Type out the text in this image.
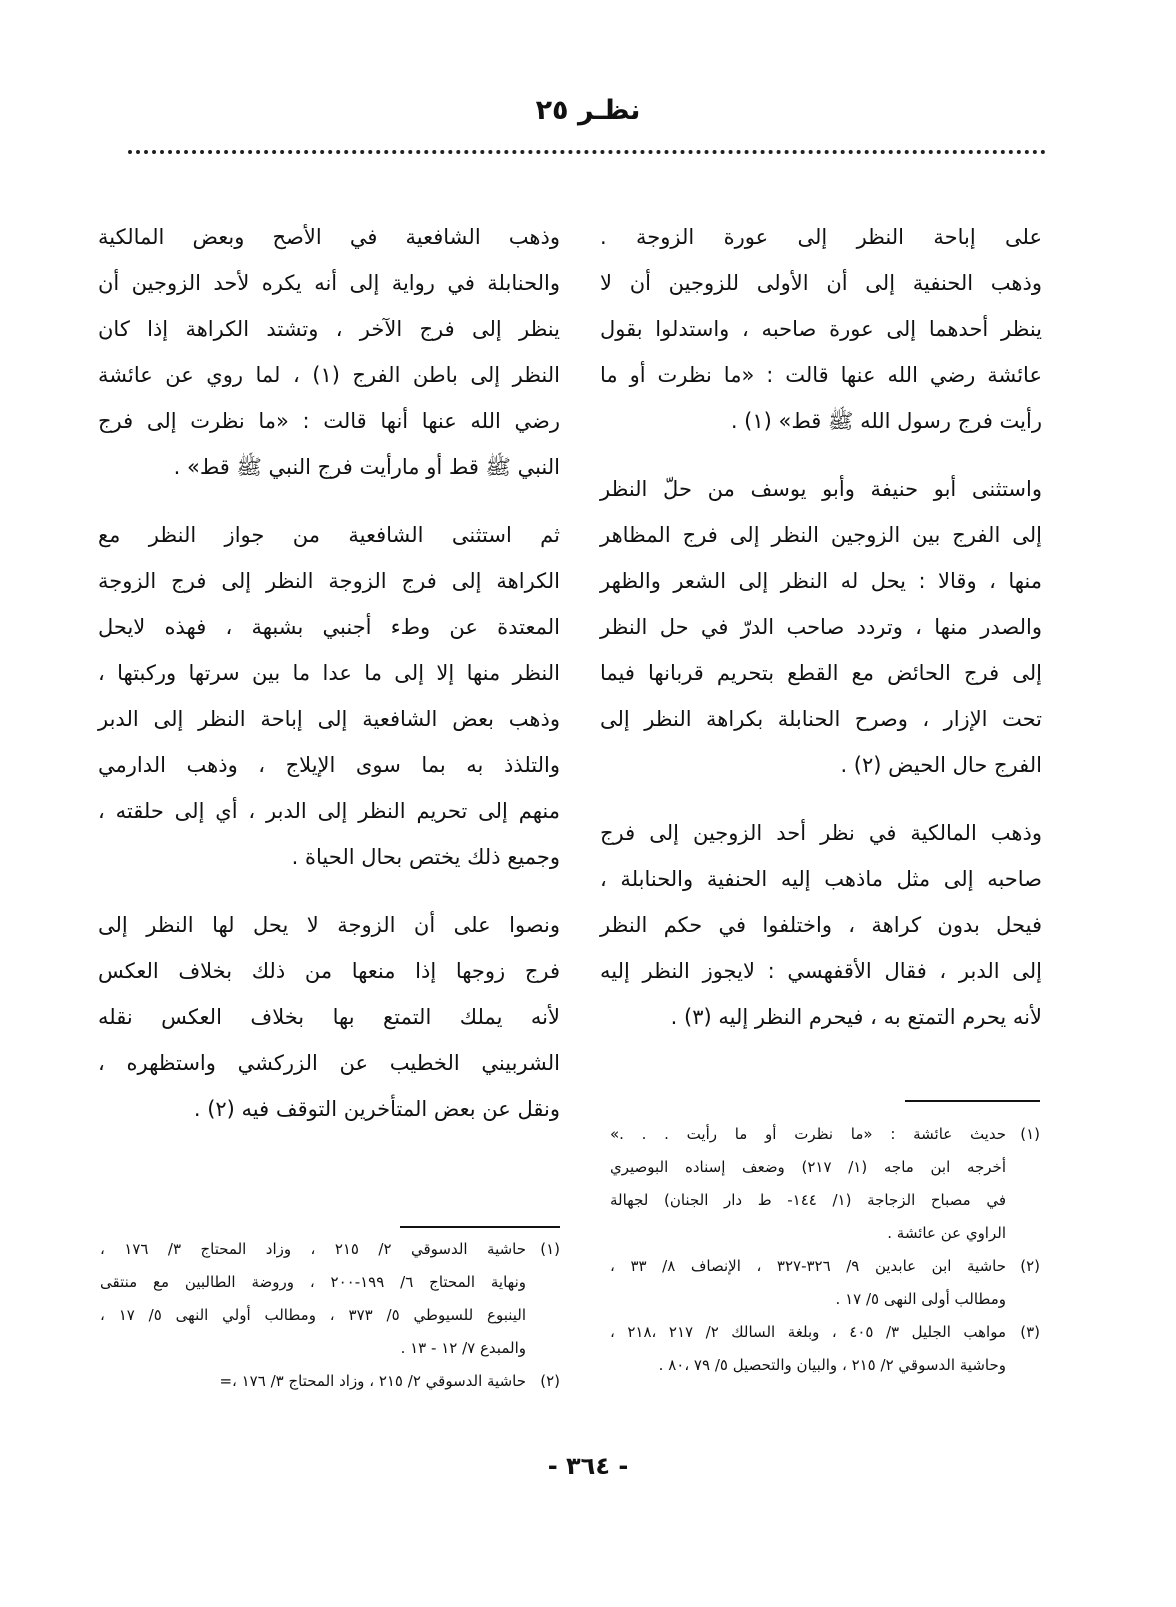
نظـر ٢٥
على إباحة النظر إلى عورة الزوجة .
وذهب الحنفية إلى أن الأولى للزوجين أن لا
ينظر أحدهما إلى عورة صاحبه ، واستدلوا بقول
عائشة رضي الله عنها قالت : «ما نظرت أو ما
رأيت فرج رسول الله ﷺ قط» (١) .
واستثنى أبو حنيفة وأبو يوسف من حلّ النظر
إلى الفرج بين الزوجين النظر إلى فرج المظاهر
منها ، وقالا : يحل له النظر إلى الشعر والظهر
والصدر منها ، وتردد صاحب الدرّ في حل النظر
إلى فرج الحائض مع القطع بتحريم قربانها فيما
تحت الإزار ، وصرح الحنابلة بكراهة النظر إلى
الفرج حال الحيض (٢) .
وذهب المالكية في نظر أحد الزوجين إلى فرج
صاحبه إلى مثل ماذهب إليه الحنفية والحنابلة ،
فيحل بدون كراهة ، واختلفوا في حكم النظر
إلى الدبر ، فقال الأقفهسي : لايجوز النظر إليه
لأنه يحرم التمتع به ، فيحرم النظر إليه (٣) .
وذهب الشافعية في الأصح وبعض المالكية
والحنابلة في رواية إلى أنه يكره لأحد الزوجين أن
ينظر إلى فرج الآخر ، وتشتد الكراهة إذا كان
النظر إلى باطن الفرج (١) ، لما روي عن عائشة
رضي الله عنها أنها قالت : «ما نظرت إلى فرج
النبي ﷺ قط أو مارأيت فرج النبي ﷺ قط» .
ثم استثنى الشافعية من جواز النظر مع
الكراهة إلى فرج الزوجة النظر إلى فرج الزوجة
المعتدة عن وطء أجنبي بشبهة ، فهذه لايحل
النظر منها إلا إلى ما عدا ما بين سرتها وركبتها ،
وذهب بعض الشافعية إلى إباحة النظر إلى الدبر
والتلذذ به بما سوى الإيلاج ، وذهب الدارمي
منهم إلى تحريم النظر إلى الدبر ، أي إلى حلقته ،
وجميع ذلك يختص بحال الحياة .
ونصوا على أن الزوجة لا يحل لها النظر إلى
فرج زوجها إذا منعها من ذلك بخلاف العكس
لأنه يملك التمتع بها بخلاف العكس نقله
الشربيني الخطيب عن الزركشي واستظهره ،
ونقل عن بعض المتأخرين التوقف فيه (٢) .
(١)
حديث عائشة : «ما نظرت أو ما رأيت . . .»
أخرجه ابن ماجه (١/ ٢١٧) وضعف إسناده البوصيري
في مصباح الزجاجة (١/ ١٤٤- ط دار الجنان) لجهالة
الراوي عن عائشة .
(٢)
حاشية ابن عابدين ٩/ ٣٢٦-٣٢٧ ، الإنصاف ٨/ ٣٣ ،
ومطالب أولى النهى ٥/ ١٧ .
(٣)
مواهب الجليل ٣/ ٤٠٥ ، وبلغة السالك ٢/ ٢١٧ ،٢١٨ ،
وحاشية الدسوقي ٢/ ٢١٥ ، والبيان والتحصيل ٥/ ٧٩ ،٨٠ .
(١)
حاشية الدسوقي ٢/ ٢١٥ ، وزاد المحتاج ٣/ ١٧٦ ،
ونهاية المحتاج ٦/ ١٩٩-٢٠٠ ، وروضة الطالبين مع منتقى
الينبوع للسيوطي ٥/ ٣٧٣ ، ومطالب أولي النهى ٥/ ١٧ ،
والمبدع ٧/ ١٢ - ١٣ .
(٢)
حاشية الدسوقي ٢/ ٢١٥ ، وزاد المحتاج ٣/ ١٧٦ ،=
- ٣٦٤ -
